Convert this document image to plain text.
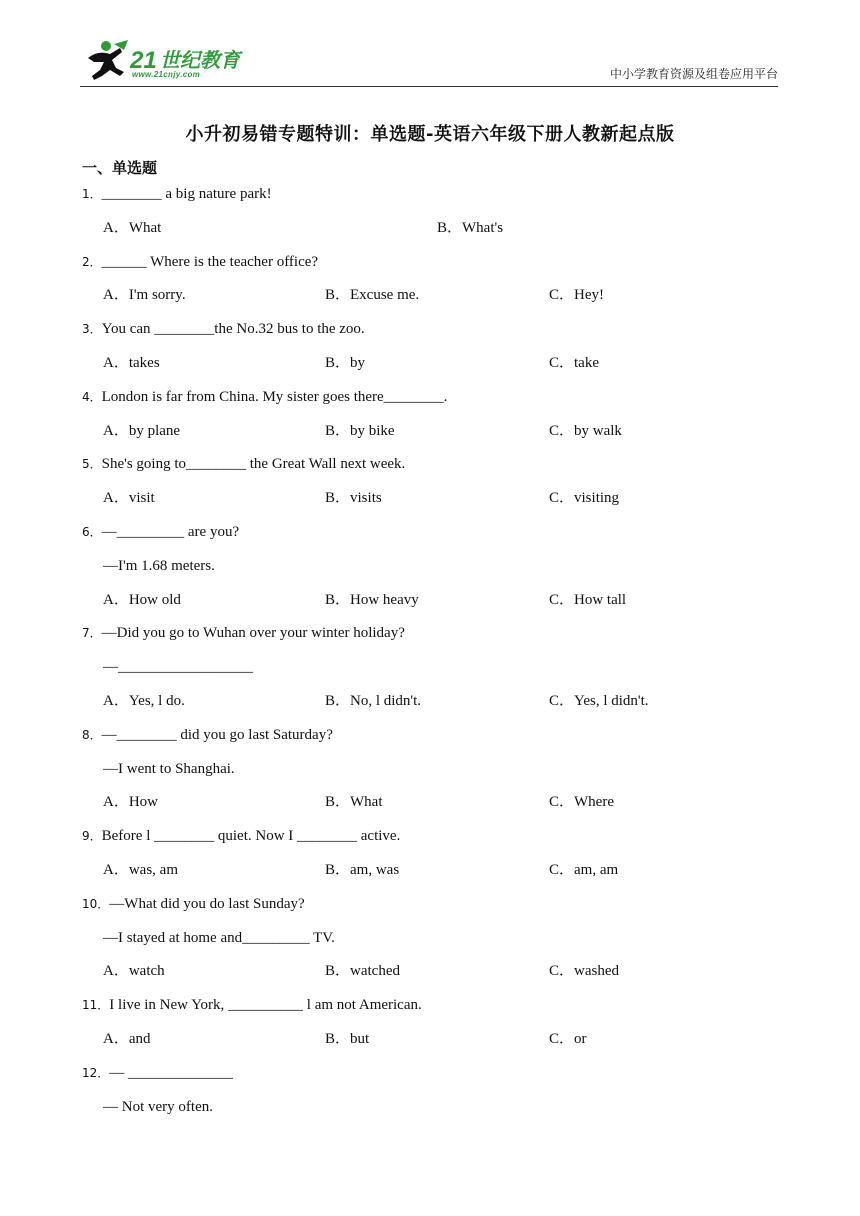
21 世纪教育
www.21cnjy.com	中小学教育资源及组卷应用平台
小升初易错专题特训：单选题-英语六年级下册人教新起点版
一、单选题
1．________ a big nature park!
A．What	B．What's
2．______ Where is the teacher office?
A．I'm sorry.	B．Excuse me.	C．Hey!
3．You can ________the No.32 bus to the zoo.
A．takes	B．by	C．take
4．London is far from China. My sister goes there________.
A．by plane	B．by bike	C．by walk
5．She's going to________ the Great Wall next week.
A．visit	B．visits	C．visiting
6．—_________ are you?
—I'm 1.68 meters.
A．How old	B．How heavy	C．How tall
7．—Did you go to Wuhan over your winter holiday?
—__________________
A．Yes, l do.	B．No, l didn't.	C．Yes, l didn't.
8．—________ did you go last Saturday?
—I went to Shanghai.
A．How	B．What	C．Where
9．Before l ________ quiet. Now I ________ active.
A．was, am	B．am, was	C．am, am
10．—What did you do last Sunday?
—I stayed at home and_________ TV.
A．watch	B．watched	C．washed
11．I live in New York, __________ l am not American.
A．and	B．but	C．or
12．— ______________
— Not very often.
